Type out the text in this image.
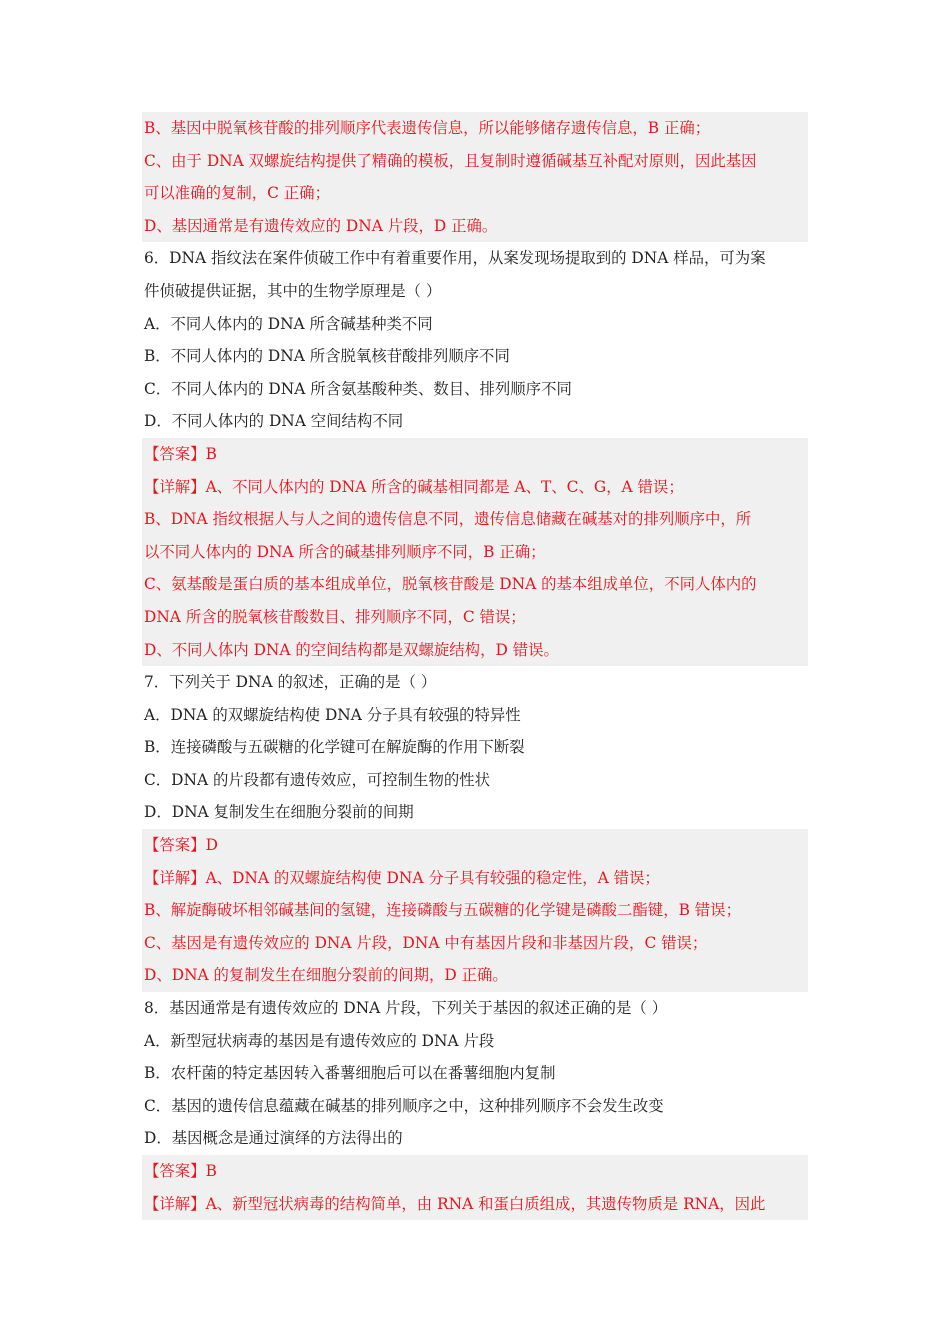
B、基因中脱氧核苷酸的排列顺序代表遗传信息，所以能够储存遗传信息，B 正确；
C、由于 DNA 双螺旋结构提供了精确的模板，且复制时遵循碱基互补配对原则，因此基因
可以准确的复制，C 正确；
D、基因通常是有遗传效应的 DNA 片段，D 正确。
6．DNA 指纹法在案件侦破工作中有着重要作用，从案发现场提取到的 DNA 样品，可为案
件侦破提供证据，其中的生物学原理是（ ）
A．不同人体内的 DNA 所含碱基种类不同
B．不同人体内的 DNA 所含脱氧核苷酸排列顺序不同
C．不同人体内的 DNA 所含氨基酸种类、数目、排列顺序不同
D．不同人体内的 DNA 空间结构不同
【答案】B
【详解】A、不同人体内的 DNA 所含的碱基相同都是 A、T、C、G，A 错误；
B、DNA 指纹根据人与人之间的遗传信息不同，遗传信息储藏在碱基对的排列顺序中，所
以不同人体内的 DNA 所含的碱基排列顺序不同，B 正确；
C、氨基酸是蛋白质的基本组成单位，脱氧核苷酸是 DNA 的基本组成单位，不同人体内的
DNA 所含的脱氧核苷酸数目、排列顺序不同，C 错误；
D、不同人体内 DNA 的空间结构都是双螺旋结构，D 错误。
7．下列关于 DNA 的叙述，正确的是（ ）
A．DNA 的双螺旋结构使 DNA 分子具有较强的特异性
B．连接磷酸与五碳糖的化学键可在解旋酶的作用下断裂
C．DNA 的片段都有遗传效应，可控制生物的性状
D．DNA 复制发生在细胞分裂前的间期
【答案】D
【详解】A、DNA 的双螺旋结构使 DNA 分子具有较强的稳定性，A 错误；
B、解旋酶破坏相邻碱基间的氢键，连接磷酸与五碳糖的化学键是磷酸二酯键，B 错误；
C、基因是有遗传效应的 DNA 片段，DNA 中有基因片段和非基因片段，C 错误；
D、DNA 的复制发生在细胞分裂前的间期，D 正确。
8．基因通常是有遗传效应的 DNA 片段，下列关于基因的叙述正确的是（ ）
A．新型冠状病毒的基因是有遗传效应的 DNA 片段
B．农杆菌的特定基因转入番薯细胞后可以在番薯细胞内复制
C．基因的遗传信息蕴藏在碱基的排列顺序之中，这种排列顺序不会发生改变
D．基因概念是通过演绎的方法得出的
【答案】B
【详解】A、新型冠状病毒的结构简单，由 RNA 和蛋白质组成，其遗传物质是 RNA，因此
